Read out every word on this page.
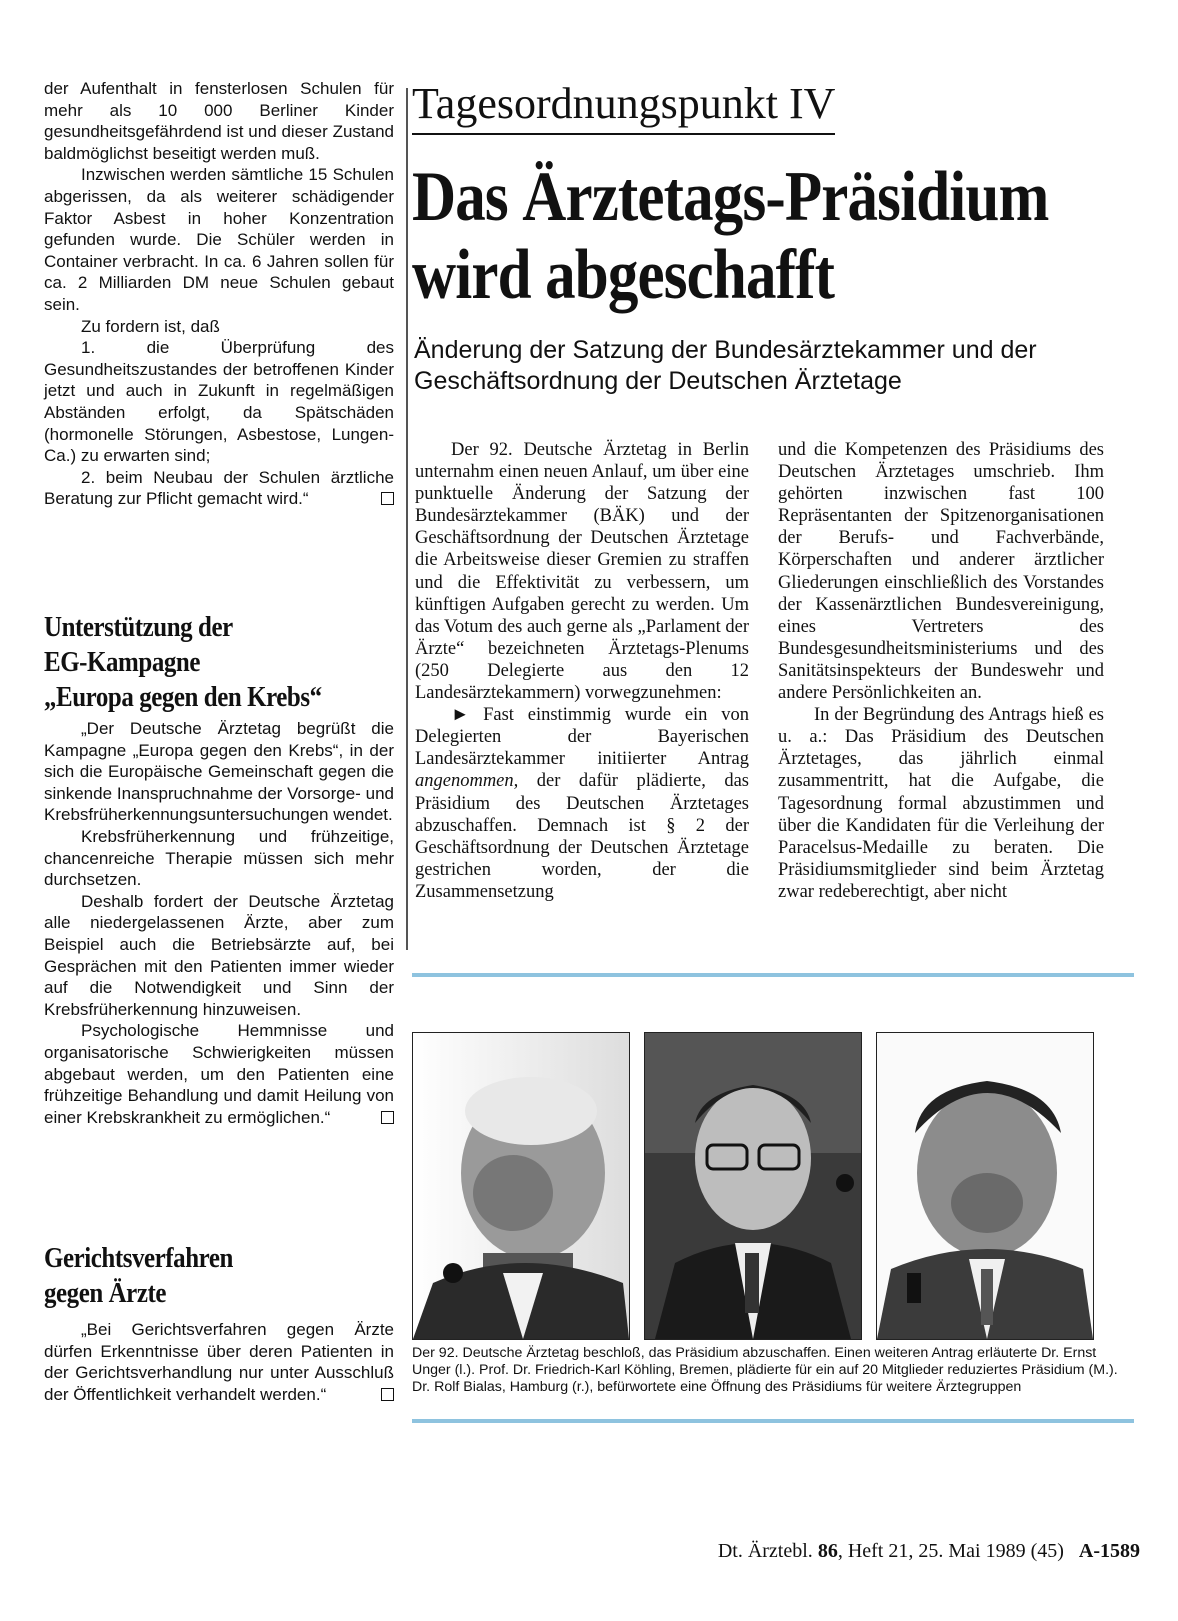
der Aufenthalt in fensterlosen Schulen für mehr als 10 000 Berliner Kinder gesundheitsgefährdend ist und dieser Zustand baldmöglichst beseitigt werden muß.

Inzwischen werden sämtliche 15 Schulen abgerissen, da als weiterer schädigender Faktor Asbest in hoher Konzentration gefunden wurde. Die Schüler werden in Container verbracht. In ca. 6 Jahren sollen für ca. 2 Milliarden DM neue Schulen gebaut sein.

Zu fordern ist, daß

1. die Überprüfung des Gesundheitszustandes der betroffenen Kinder jetzt und auch in Zukunft in regelmäßigen Abständen erfolgt, da Spätschäden (hormonelle Störungen, Asbestose, Lungen-Ca.) zu erwarten sind;

2. beim Neubau der Schulen ärztliche Beratung zur Pflicht gemacht wird.“

Unterstützung der
EG-Kampagne
„Europa gegen den Krebs“

„Der Deutsche Ärztetag begrüßt die Kampagne „Europa gegen den Krebs“, in der sich die Europäische Gemeinschaft gegen die sinkende Inanspruchnahme der Vorsorge- und Krebsfrüherkennungsuntersuchungen wendet.

Krebsfrüherkennung und frühzeitige, chancenreiche Therapie müssen sich mehr durchsetzen.

Deshalb fordert der Deutsche Ärztetag alle niedergelassenen Ärzte, aber zum Beispiel auch die Betriebsärzte auf, bei Gesprächen mit den Patienten immer wieder auf die Notwendigkeit und Sinn der Krebsfrüherkennung hinzuweisen.

Psychologische Hemmnisse und organisatorische Schwierigkeiten müssen abgebaut werden, um den Patienten eine frühzeitige Behandlung und damit Heilung von einer Krebskrankheit zu ermöglichen.“

Gerichtsverfahren
gegen Ärzte

„Bei Gerichtsverfahren gegen Ärzte dürfen Erkenntnisse über deren Patienten in der Gerichtsverhandlung nur unter Ausschluß der Öffentlichkeit verhandelt werden.“

Tagesordnungspunkt IV
Das Ärztetags-Präsidium
wird abgeschafft
Änderung der Satzung der Bundesärztekammer und der Geschäftsordnung der Deutschen Ärztetage

Der 92. Deutsche Ärztetag in Berlin unternahm einen neuen Anlauf, um über eine punktuelle Änderung der Satzung der Bundesärztekammer (BÄK) und der Geschäftsordnung der Deutschen Ärztetage die Arbeitsweise dieser Gremien zu straffen und die Effektivität zu verbessern, um künftigen Aufgaben gerecht zu werden. Um das Votum des auch gerne als „Parlament der Ärzte“ bezeichneten Ärztetags-Plenums (250 Delegierte aus den 12 Landesärztekammern) vorwegzunehmen:

► Fast einstimmig wurde ein von Delegierten der Bayerischen Landesärztekammer initiierter Antrag angenommen, der dafür plädierte, das Präsidium des Deutschen Ärztetages abzuschaffen. Demnach ist § 2 der Geschäftsordnung der Deutschen Ärztetage gestrichen worden, der die Zusammensetzung

und die Kompetenzen des Präsidiums des Deutschen Ärztetages umschrieb. Ihm gehörten inzwischen fast 100 Repräsentanten der Spitzenorganisationen der Berufs- und Fachverbände, Körperschaften und anderer ärztlicher Gliederungen einschließlich des Vorstandes der Kassenärztlichen Bundesvereinigung, eines Vertreters des Bundesgesundheitsministeriums und des Sanitätsinspekteurs der Bundeswehr und andere Persönlichkeiten an.

In der Begründung des Antrags hieß es u. a.: Das Präsidium des Deutschen Ärztetages, das jährlich einmal zusammentritt, hat die Aufgabe, die Tagesordnung formal abzustimmen und über die Kandidaten für die Verleihung der Paracelsus-Medaille zu beraten. Die Präsidiumsmitglieder sind beim Ärztetag zwar redeberechtigt, aber nicht

Der 92. Deutsche Ärztetag beschloß, das Präsidium abzuschaffen. Einen weiteren Antrag erläuterte Dr. Ernst Unger (l.). Prof. Dr. Friedrich-Karl Köhling, Bremen, plädierte für ein auf 20 Mitglieder reduziertes Präsidium (M.). Dr. Rolf Bialas, Hamburg (r.), befürwortete eine Öffnung des Präsidiums für weitere Ärztegruppen
Dt. Ärztebl. 86, Heft 21, 25. Mai 1989 (45) A-1589
